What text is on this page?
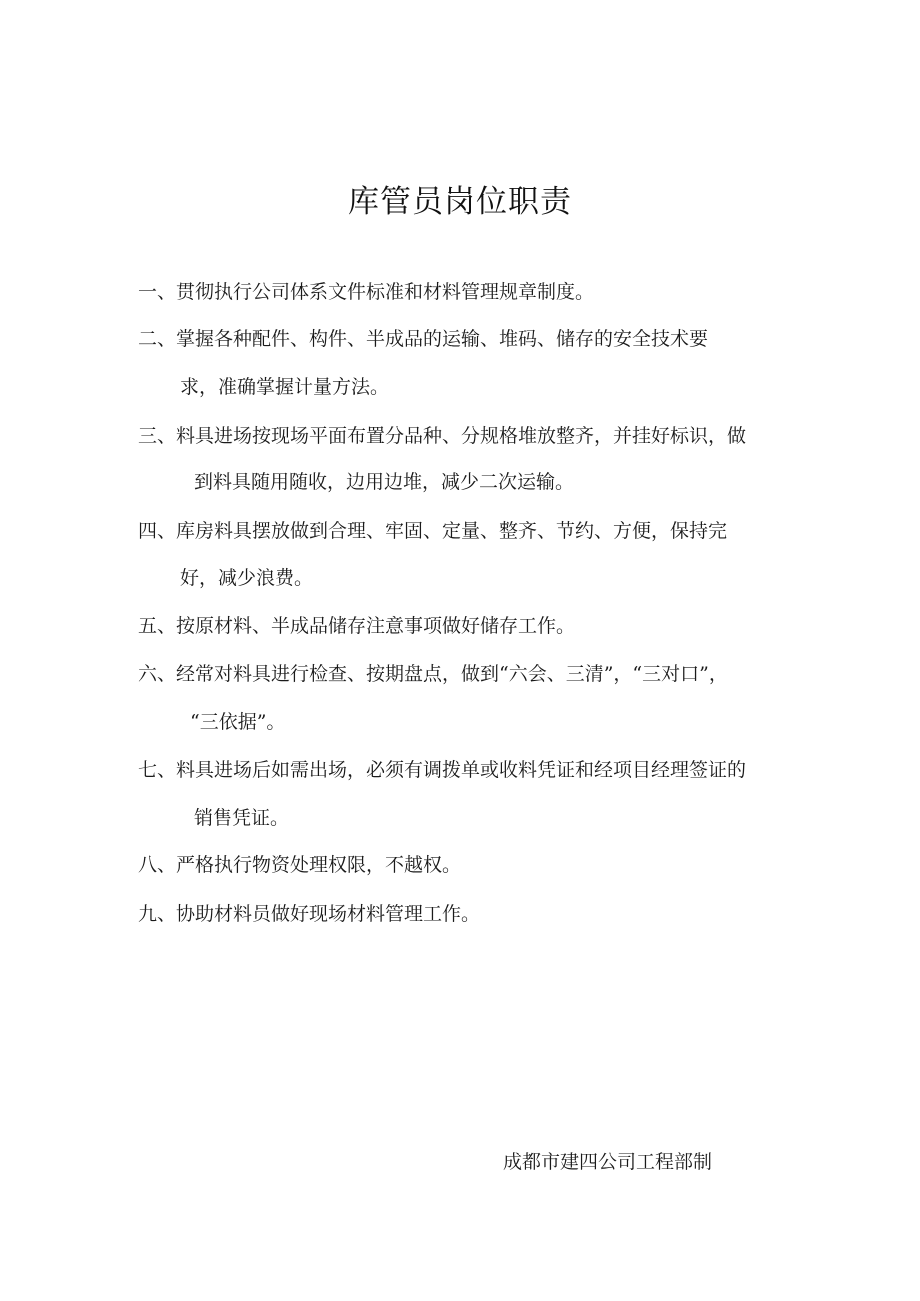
库管员岗位职责
一、贯彻执行公司体系文件标准和材料管理规章制度。
二、掌握各种配件、构件、半成品的运输、堆码、储存的安全技术要
求，准确掌握计量方法。
三、料具进场按现场平面布置分品种、分规格堆放整齐，并挂好标识，做
到料具随用随收，边用边堆，减少二次运输。
四、库房料具摆放做到合理、牢固、定量、整齐、节约、方便，保持完
好，减少浪费。
五、按原材料、半成品储存注意事项做好储存工作。
六、经常对料具进行检查、按期盘点，做到“六会、三清”，“三对口”，
“三依据”。
七、料具进场后如需出场，必须有调拨单或收料凭证和经项目经理签证的
销售凭证。
八、严格执行物资处理权限，不越权。
九、协助材料员做好现场材料管理工作。
成都市建四公司工程部制
